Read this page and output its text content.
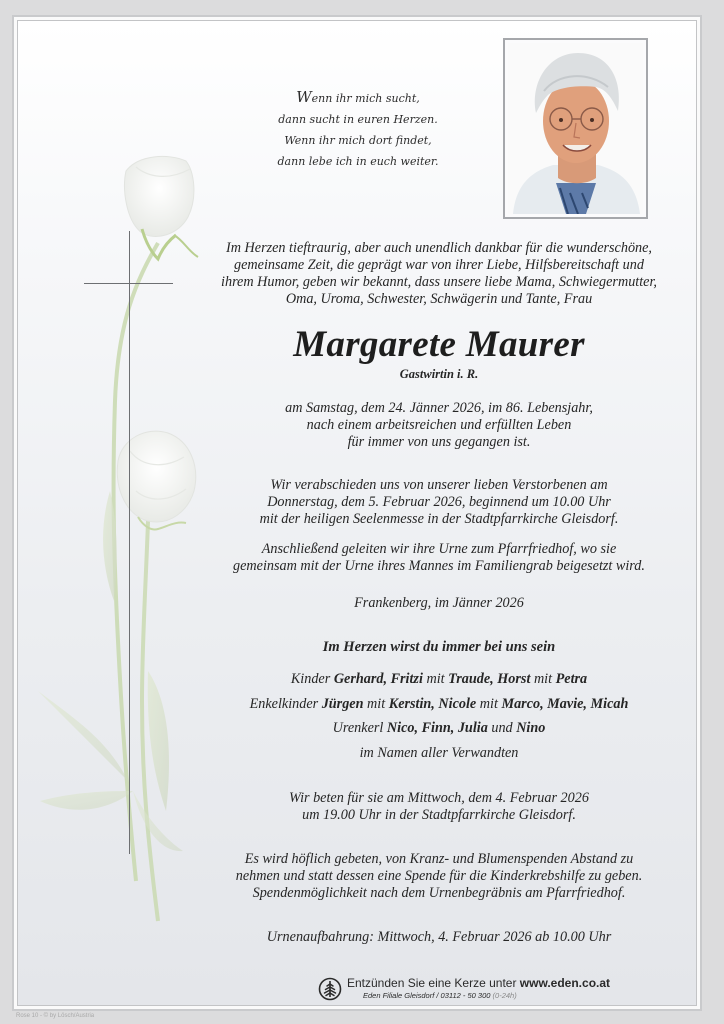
Wenn ihr mich sucht,
dann sucht in euren Herzen.
Wenn ihr mich dort findet,
dann lebe ich in euch weiter.
Im Herzen tieftraurig, aber auch unendlich dankbar für die wunderschöne,
gemeinsame Zeit, die geprägt war von ihrer Liebe, Hilfsbereitschaft und
ihrem Humor, geben wir bekannt, dass unsere liebe Mama, Schwiegermutter,
Oma, Uroma, Schwester, Schwägerin und Tante, Frau
Margarete Maurer
Gastwirtin i. R.
am Samstag, dem 24. Jänner 2026, im 86. Lebensjahr,
nach einem arbeitsreichen und erfüllten Leben
für immer von uns gegangen ist.
Wir verabschieden uns von unserer lieben Verstorbenen am
Donnerstag, dem 5. Februar 2026, beginnend um 10.00 Uhr
mit der heiligen Seelenmesse in der Stadtpfarrkirche Gleisdorf.
Anschließend geleiten wir ihre Urne zum Pfarrfriedhof, wo sie
gemeinsam mit der Urne ihres Mannes im Familiengrab beigesetzt wird.
Frankenberg, im Jänner 2026
Im Herzen wirst du immer bei uns sein
Kinder Gerhard, Fritzi mit Traude, Horst mit Petra
Enkelkinder Jürgen mit Kerstin, Nicole mit Marco, Mavie, Micah
Urenkerl Nico, Finn, Julia und Nino
im Namen aller Verwandten
Wir beten für sie am Mittwoch, dem 4. Februar 2026
um 19.00 Uhr in der Stadtpfarrkirche Gleisdorf.
Es wird höflich gebeten, von Kranz- und Blumenspenden Abstand zu
nehmen und statt dessen eine Spende für die Kinderkrebshilfe zu geben.
Spendenmöglichkeit nach dem Urnenbegräbnis am Pfarrfriedhof.
Urnenaufbahrung: Mittwoch, 4. Februar 2026 ab 10.00 Uhr
Entzünden Sie eine Kerze unter www.eden.co.at
Eden Filiale Gleisdorf / 03112 - 50 300 (0-24h)
Rose 10 - © by Lösch/Austria
